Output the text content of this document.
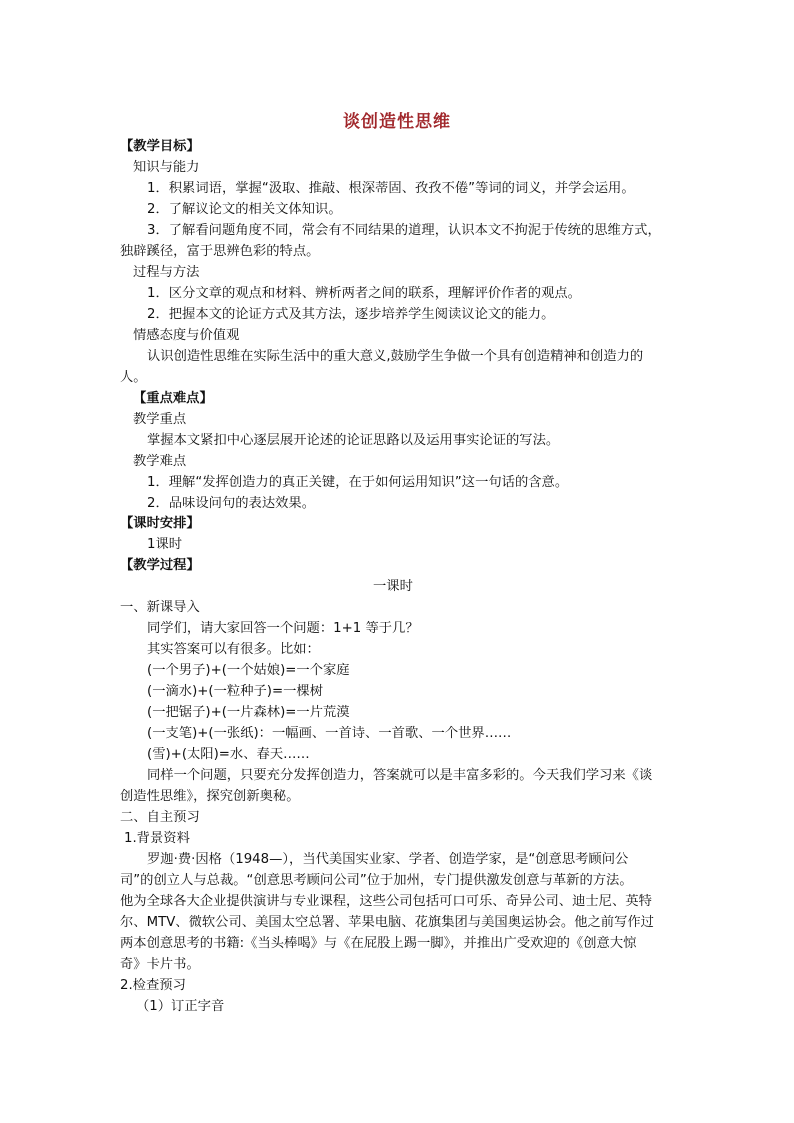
谈创造性思维
【教学目标】
知识与能力
1．积累词语，掌握“汲取、推敲、根深蒂固、孜孜不倦”等词的词义，并学会运用。
2．了解议论文的相关文体知识。
3．了解看问题角度不同，常会有不同结果的道理，认识本文不拘泥于传统的思维方式，
独辟蹊径，富于思辨色彩的特点。
过程与方法
1．区分文章的观点和材料、辨析两者之间的联系，理解评价作者的观点。
2．把握本文的论证方式及其方法，逐步培养学生阅读议论文的能力。
情感态度与价值观
认识创造性思维在实际生活中的重大意义,鼓励学生争做一个具有创造精神和创造力的
人。
【重点难点】
教学重点
掌握本文紧扣中心逐层展开论述的论证思路以及运用事实论证的写法。
教学难点
1．理解“发挥创造力的真正关键，在于如何运用知识”这一句话的含意。
2．品味设问句的表达效果。
【课时安排】
1课时
【教学过程】
一课时
一、新课导入
同学们，请大家回答一个问题：1+1 等于几？
其实答案可以有很多。比如：
(一个男子)+(一个姑娘)=一个家庭
(一滴水)+(一粒种子)=一棵树
(一把锯子)+(一片森林)=一片荒漠
(一支笔)+(一张纸)：一幅画、一首诗、一首歌、一个世界……
(雪)+(太阳)=水、春天……
同样一个问题，只要充分发挥创造力，答案就可以是丰富多彩的。今天我们学习来《谈
创造性思维》，探究创新奥秘。
二、自主预习
1.背景资料
罗迦·费·因格（1948—），当代美国实业家、学者、创造学家，是“创意思考顾问公
司”的创立人与总裁。“创意思考顾问公司”位于加州，专门提供激发创意与革新的方法。
他为全球各大企业提供演讲与专业课程，这些公司包括可口可乐、奇异公司、迪士尼、英特
尔、MTV、微软公司、美国太空总署、苹果电脑、花旗集团与美国奥运协会。他之前写作过
两本创意思考的书籍:《当头棒喝》与《在屁股上踢一脚》，并推出广受欢迎的《创意大惊
奇》卡片书。
2.检查预习
（1）订正字音
